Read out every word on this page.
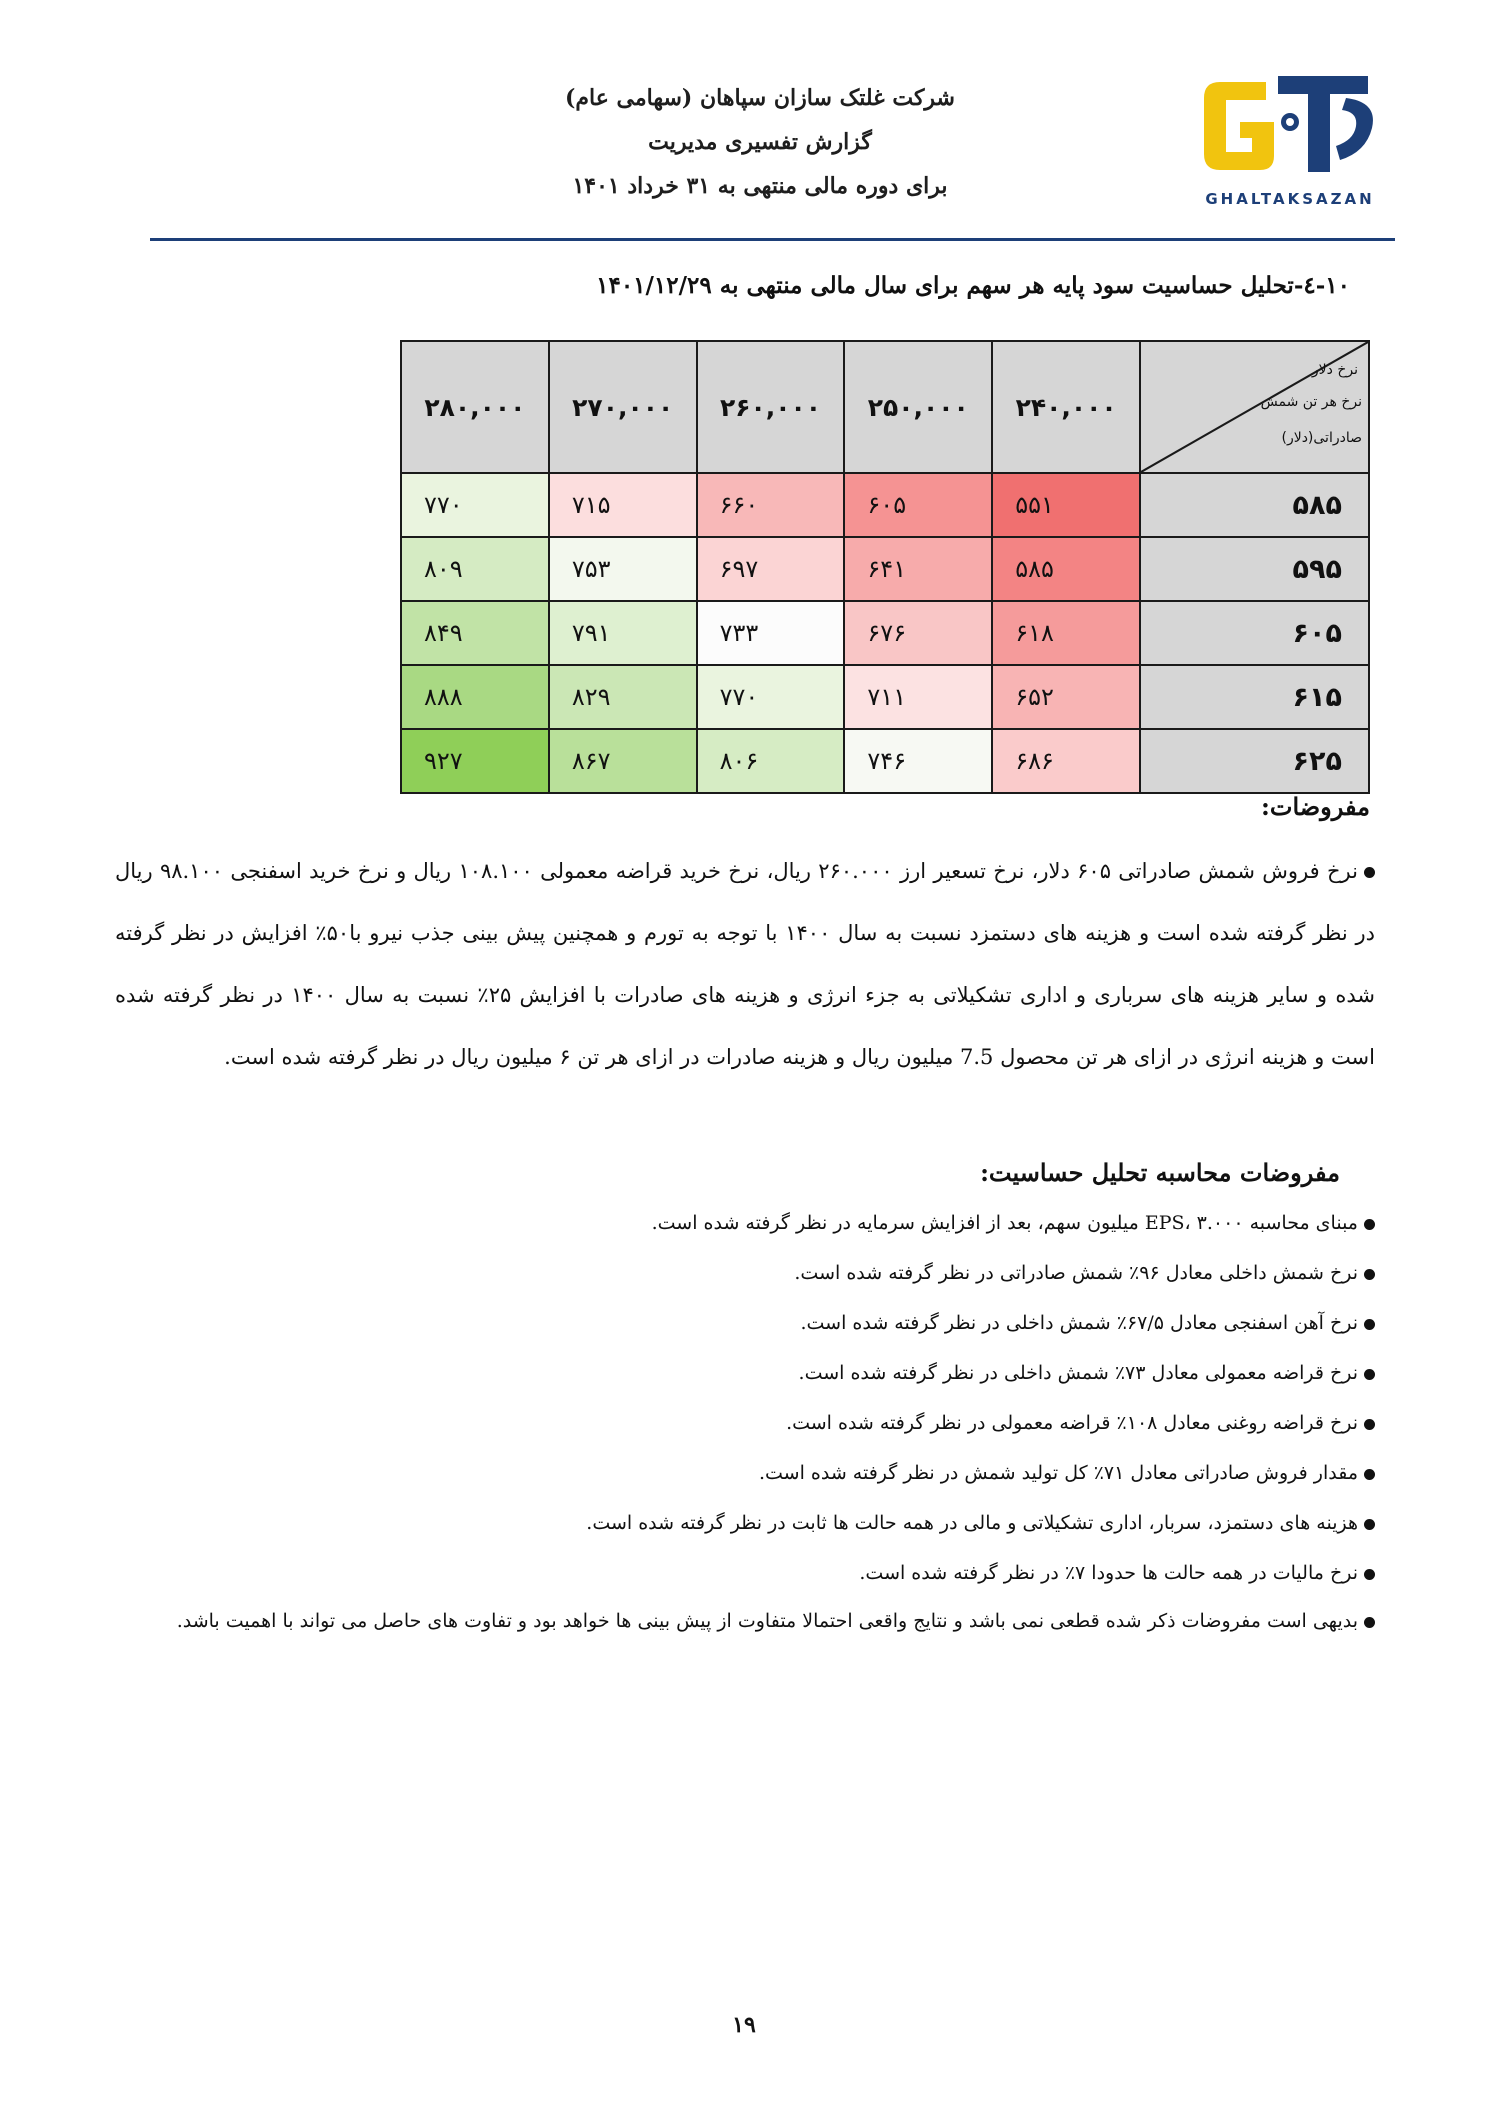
شرکت غلتک سازان سپاهان (سهامی عام)
گزارش تفسیری مدیریت
برای دوره مالی منتهی به ۳۱ خرداد ۱۴۰۱	GHALTAKSAZAN
۱۰-٤-تحلیل حساسیت سود پایه هر سهم برای سال مالی منتهی به ۱۴۰۱/۱۲/۲۹
نرخ دلار
نرخ هر تن شمش
صادراتی(دلار)	۲۴۰,۰۰۰	۲۵۰,۰۰۰	۲۶۰,۰۰۰	۲۷۰,۰۰۰	۲۸۰,۰۰۰
۵۸۵	۵۵۱	۶۰۵	۶۶۰	۷۱۵	۷۷۰
۵۹۵	۵۸۵	۶۴۱	۶۹۷	۷۵۳	۸۰۹
۶۰۵	۶۱۸	۶۷۶	۷۳۳	۷۹۱	۸۴۹
۶۱۵	۶۵۲	۷۱۱	۷۷۰	۸۲۹	۸۸۸
۶۲۵	۶۸۶	۷۴۶	۸۰۶	۸۶۷	۹۲۷
مفروضات:
نرخ فروش شمش صادراتی ۶۰۵ دلار، نرخ تسعیر ارز ۲۶۰.۰۰۰ ریال، نرخ خرید قراضه معمولی ۱۰۸.۱۰۰ ریال و نرخ خرید اسفنجی ۹۸.۱۰۰ ریال در نظر گرفته شده است و هزینه های دستمزد نسبت به سال ۱۴۰۰ با توجه به تورم و همچنین پیش بینی جذب نیرو با۵۰٪ افزایش در نظر گرفته شده و سایر هزینه های سرباری و اداری تشکیلاتی به جزء انرژی و هزینه های صادرات با افزایش ۲۵٪ نسبت به سال ۱۴۰۰ در نظر گرفته شده است و هزینه انرژی در ازای هر تن محصول 7.5 میلیون ریال و هزینه صادرات در ازای هر تن ۶ میلیون ریال در نظر گرفته شده است.
مفروضات محاسبه تحلیل حساسیت:
مبنای محاسبه EPS، ۳.۰۰۰ میلیون سهم، بعد از افزایش سرمایه در نظر گرفته شده است.
نرخ شمش داخلی معادل ۹۶٪ شمش صادراتی در نظر گرفته شده است.
نرخ آهن اسفنجی معادل ۶۷/۵٪ شمش داخلی در نظر گرفته شده است.
نرخ قراضه معمولی معادل ۷۳٪ شمش داخلی در نظر گرفته شده است.
نرخ قراضه روغنی معادل ۱۰۸٪ قراضه معمولی در نظر گرفته شده است.
مقدار فروش صادراتی معادل ۷۱٪ کل تولید شمش در نظر گرفته شده است.
هزینه های دستمزد، سربار، اداری تشکیلاتی و مالی در همه حالت ها ثابت در نظر گرفته شده است.
نرخ مالیات در همه حالت ها حدودا ۷٪ در نظر گرفته شده است.
بدیهی است مفروضات ذکر شده قطعی نمی باشد و نتایج واقعی احتمالا متفاوت از پیش بینی ها خواهد بود و تفاوت های حاصل می تواند با اهمیت باشد.
۱۹
